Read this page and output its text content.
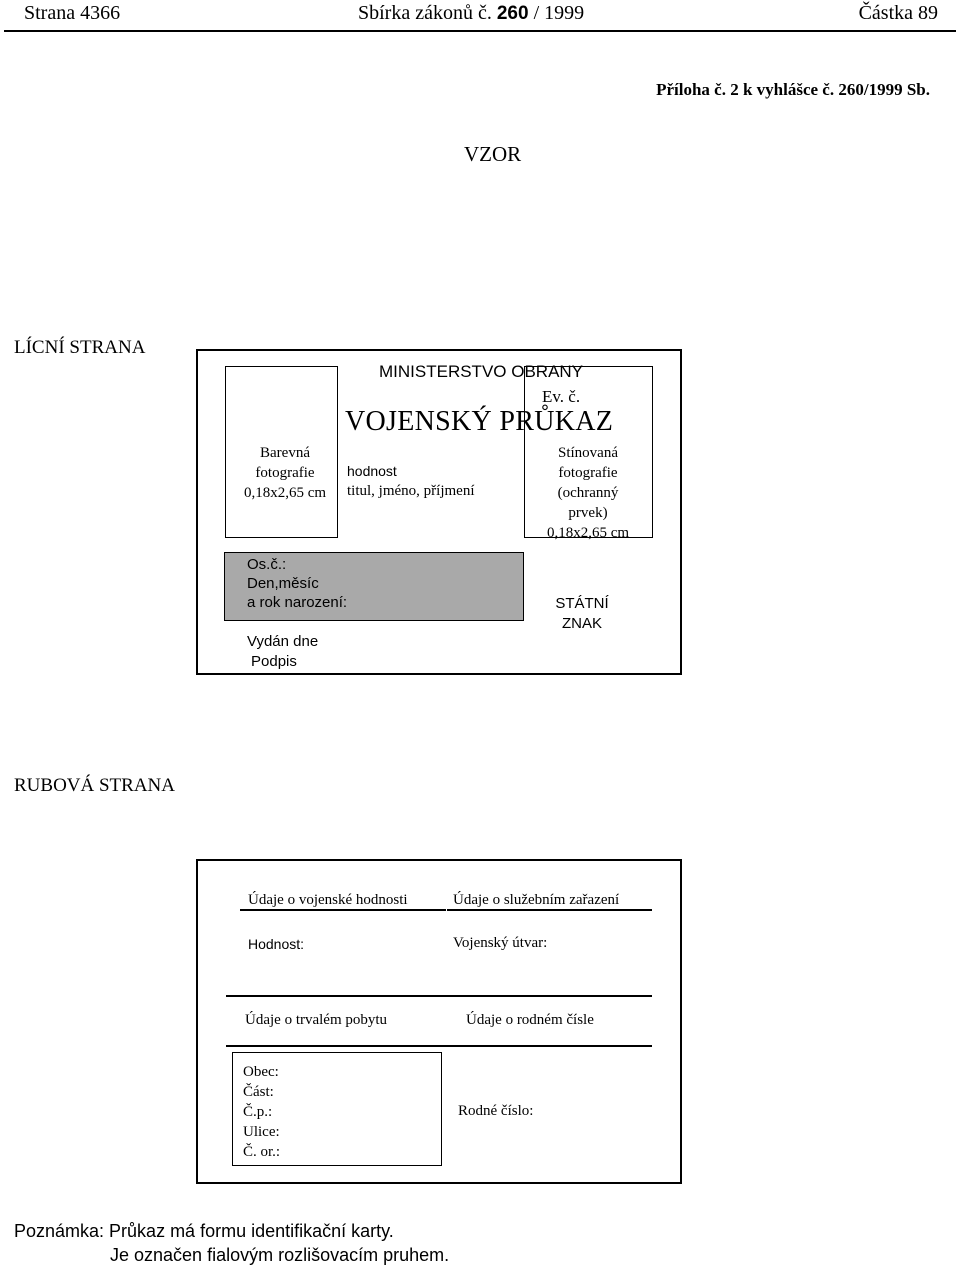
Strana 4366	Sbírka zákonů č. 260 / 1999	Částka 89
Příloha č. 2 k vyhlášce č. 260/1999 Sb.
VZOR
LÍCNÍ STRANA
Barevná
fotografie
0,18x2,65 cm
Stínovaná
fotografie
(ochranný
prvek)
0,18x2,65 cm
MINISTERSTVO OBRANY
Ev. č.
VOJENSKÝ PRŮKAZ
hodnost
titul, jméno, příjmení
Os.č.:
Den,měsíc
a rok narození:
Vydán dne
Podpis
STÁTNÍ
ZNAK
RUBOVÁ STRANA
Údaje o vojenské hodnosti	Údaje o služebním zařazení
Hodnost:	Vojenský útvar:
Údaje o trvalém pobytu	Údaje o rodném čísle
Obec:
Část:
Č.p.:
Ulice:
Č. or.:
Rodné číslo:
Poznámka: Průkaz má formu identifikační karty.
Je označen fialovým rozlišovacím pruhem.
